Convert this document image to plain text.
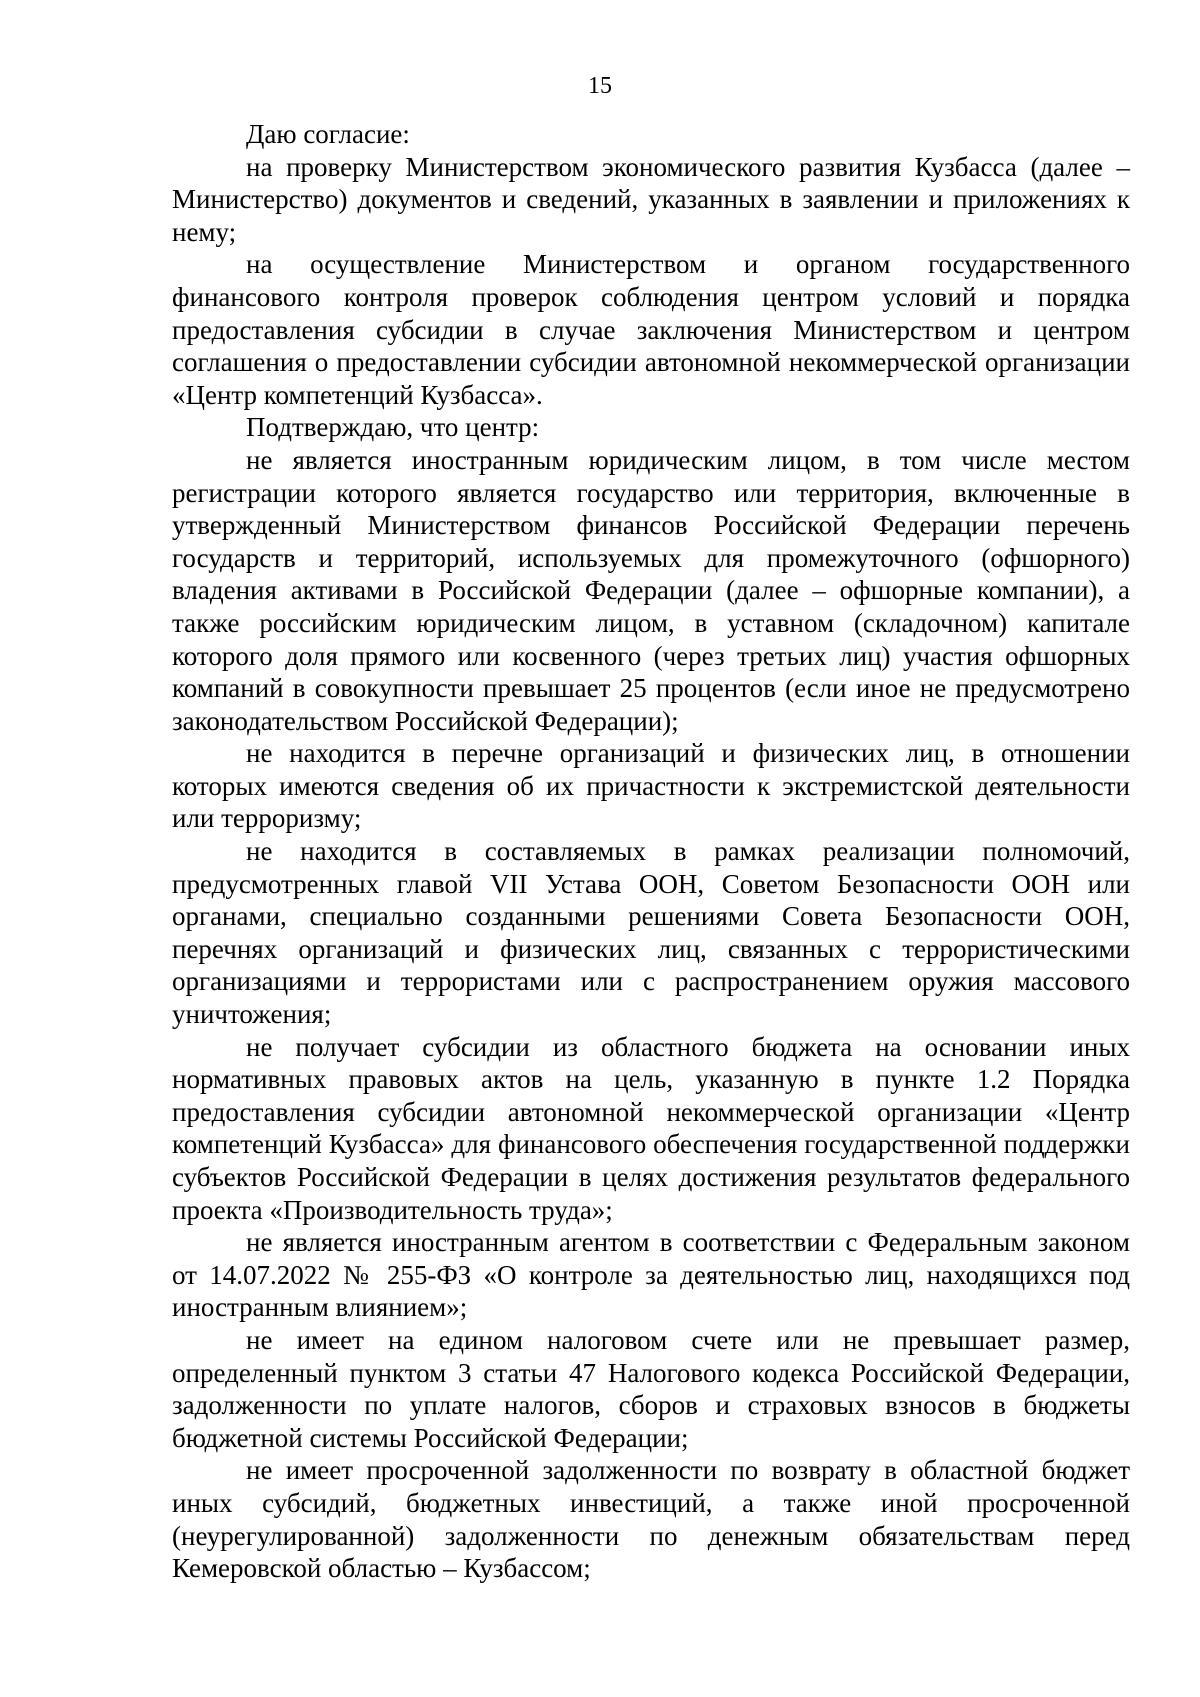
15

Даю согласие:

на проверку Министерством экономического развития Кузбасса (далее – Министерство) документов и сведений, указанных в заявлении и приложениях к нему;

на осуществление Министерством и органом государственного финансового контроля проверок соблюдения центром условий и порядка предоставления субсидии в случае заключения Министерством и центром соглашения о предоставлении субсидии автономной некоммерческой организации «Центр компетенций Кузбасса».

Подтверждаю, что центр:

не является иностранным юридическим лицом, в том числе местом регистрации которого является государство или территория, включенные в утвержденный Министерством финансов Российской Федерации перечень государств и территорий, используемых для промежуточного (офшорного) владения активами в Российской Федерации (далее – офшорные компании), а также российским юридическим лицом, в уставном (складочном) капитале которого доля прямого или косвенного (через третьих лиц) участия офшорных компаний в совокупности превышает 25 процентов (если иное не предусмотрено законодательством Российской Федерации);

не находится в перечне организаций и физических лиц, в отношении которых имеются сведения об их причастности к экстремистской деятельности или терроризму;

не находится в составляемых в рамках реализации полномочий, предусмотренных главой VII Устава ООН, Советом Безопасности ООН или органами, специально созданными решениями Совета Безопасности ООН, перечнях организаций и физических лиц, связанных с террористическими организациями и террористами или с распространением оружия массового уничтожения;

не получает субсидии из областного бюджета на основании иных нормативных правовых актов на цель, указанную в пункте 1.2 Порядка предоставления субсидии автономной некоммерческой организации «Центр компетенций Кузбасса» для финансового обеспечения государственной поддержки субъектов Российской Федерации в целях достижения результатов федерального проекта «Производительность труда»;

не является иностранным агентом в соответствии с Федеральным законом от 14.07.2022 № 255-ФЗ «О контроле за деятельностью лиц, находящихся под иностранным влиянием»;

не имеет на едином налоговом счете или не превышает размер, определенный пунктом 3 статьи 47 Налогового кодекса Российской Федерации, задолженности по уплате налогов, сборов и страховых взносов в бюджеты бюджетной системы Российской Федерации;

не имеет просроченной задолженности по возврату в областной бюджет иных субсидий, бюджетных инвестиций, а также иной просроченной (неурегулированной) задолженности по денежным обязательствам перед Кемеровской областью – Кузбассом;
